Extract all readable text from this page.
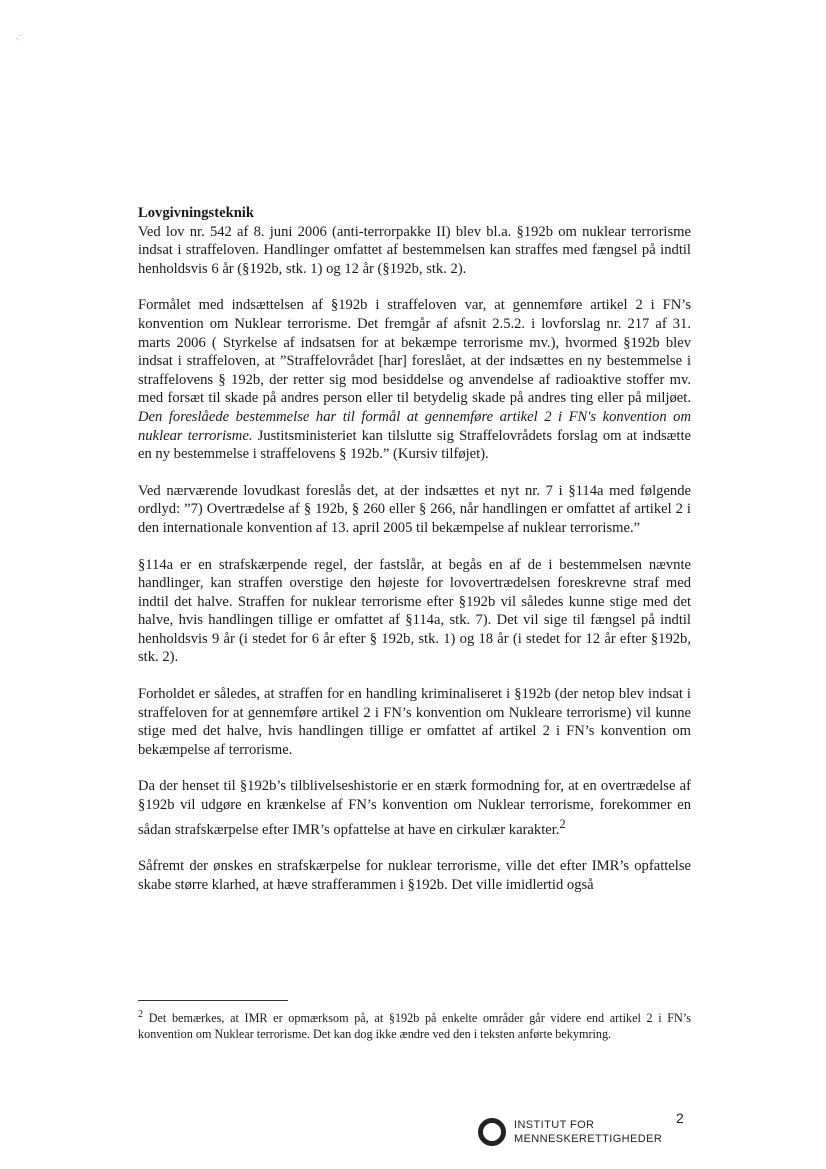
,·
Lovgivningsteknik

Ved lov nr. 542 af 8. juni 2006 (anti-terrorpakke II) blev bl.a. §192b om nuklear terrorisme indsat i straffeloven. Handlinger omfattet af bestemmelsen kan straffes med fængsel på indtil henholdsvis 6 år (§192b, stk. 1) og 12 år (§192b, stk. 2).

Formålet med indsættelsen af §192b i straffeloven var, at gennemføre artikel 2 i FN’s konvention om Nuklear terrorisme. Det fremgår af afsnit 2.5.2. i lovforslag nr. 217 af 31. marts 2006 ( Styrkelse af indsatsen for at bekæmpe terrorisme mv.), hvormed §192b blev indsat i straffeloven, at ”Straffelovrådet [har] foreslået, at der indsættes en ny bestemmelse i straffelovens § 192b, der retter sig mod besiddelse og anvendelse af radioaktive stoffer mv. med forsæt til skade på andres person eller til betydelig skade på andres ting eller på miljøet. Den foreslåede bestemmelse har til formål at gennemføre artikel 2 i FN's konvention om nuklear terrorisme. Justitsministeriet kan tilslutte sig Straffelovrådets forslag om at indsætte en ny bestemmelse i straffelovens § 192b.” (Kursiv tilføjet).

Ved nærværende lovudkast foreslås det, at der indsættes et nyt nr. 7 i §114a med følgende ordlyd: ”7) Overtrædelse af § 192b, § 260 eller § 266, når handlingen er omfattet af artikel 2 i den internationale konvention af 13. april 2005 til bekæmpelse af nuklear terrorisme.”

§114a er en strafskærpende regel, der fastslår, at begås en af de i bestemmelsen nævnte handlinger, kan straffen overstige den højeste for lovovertrædelsen foreskrevne straf med indtil det halve. Straffen for nuklear terrorisme efter §192b vil således kunne stige med det halve, hvis handlingen tillige er omfattet af §114a, stk. 7). Det vil sige til fængsel på indtil henholdsvis 9 år (i stedet for 6 år efter § 192b, stk. 1) og 18 år (i stedet for 12 år efter §192b, stk. 2).

Forholdet er således, at straffen for en handling kriminaliseret i §192b (der netop blev indsat i straffeloven for at gennemføre artikel 2 i FN’s konvention om Nukleare terrorisme) vil kunne stige med det halve, hvis handlingen tillige er omfattet af artikel 2 i FN’s konvention om bekæmpelse af terrorisme.

Da der henset til §192b’s tilblivelseshistorie er en stærk formodning for, at en overtrædelse af §192b vil udgøre en krænkelse af FN’s konvention om Nuklear terrorisme, forekommer en sådan strafskærpelse efter IMR’s opfattelse at have en cirkulær karakter.$^2$

Såfremt der ønskes en strafskærpelse for nuklear terrorisme, ville det efter IMR’s opfattelse skabe større klarhed, at hæve strafferammen i §192b. Det ville imidlertid også

$^2$ Det bemærkes, at IMR er opmærksom på, at §192b på enkelte områder går videre end artikel 2 i FN’s konvention om Nuklear terrorisme. Det kan dog ikke ændre ved den i teksten anførte bekymring.
INSTITUT FOR
MENNESKERETTIGHEDER
2
